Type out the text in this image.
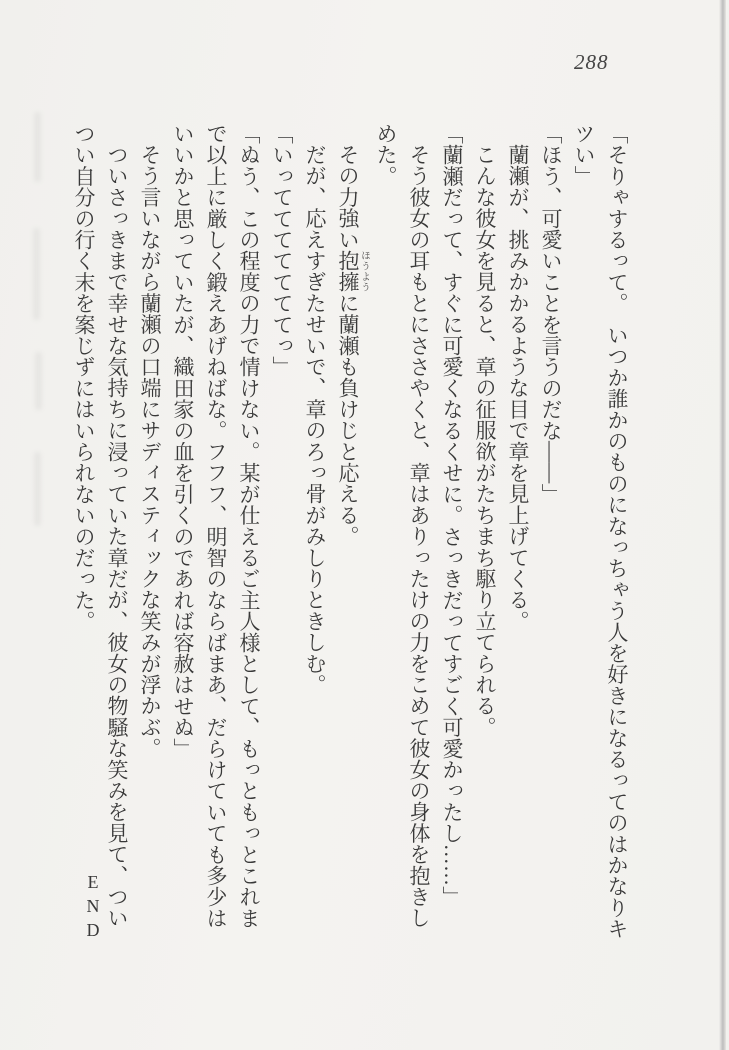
288
「そりゃするって。　いつか誰かのものになっちゃう人を好きになるってのはかなりキ
ツい」
「ほう、可愛いことを言うのだな――」
蘭瀬が、挑みかかるような目で章を見上げてくる。
こんな彼女を見ると、章の征服欲がたちまち駆り立てられる。
「蘭瀬だって、すぐに可愛くなるくせに。さっきだってすごく可愛かったし……」
そう彼女の耳もとにささやくと、章はありったけの力をこめて彼女の身体を抱きし
めた。
その力強い抱擁 ほうように蘭瀬も負けじと応える。
だが、応えすぎたせいで、章のろっ骨がみしりときしむ。
「いってててててててっ」
「ぬう、この程度の力で情けない。某が仕えるご主人様として、もっともっとこれま
で以上に厳しく鍛えあげねばな。フフフ、明智のならばまあ、だらけていても多少は
いいかと思っていたが、織田家の血を引くのであれば容赦はせぬ」
そう言いながら蘭瀬の口端にサディスティックな笑みが浮かぶ。
ついさっきまで幸せな気持ちに浸っていた章だが、彼女の物騒な笑みを見て、つい
つい自分の行く末を案じずにはいられないのだった。
END
